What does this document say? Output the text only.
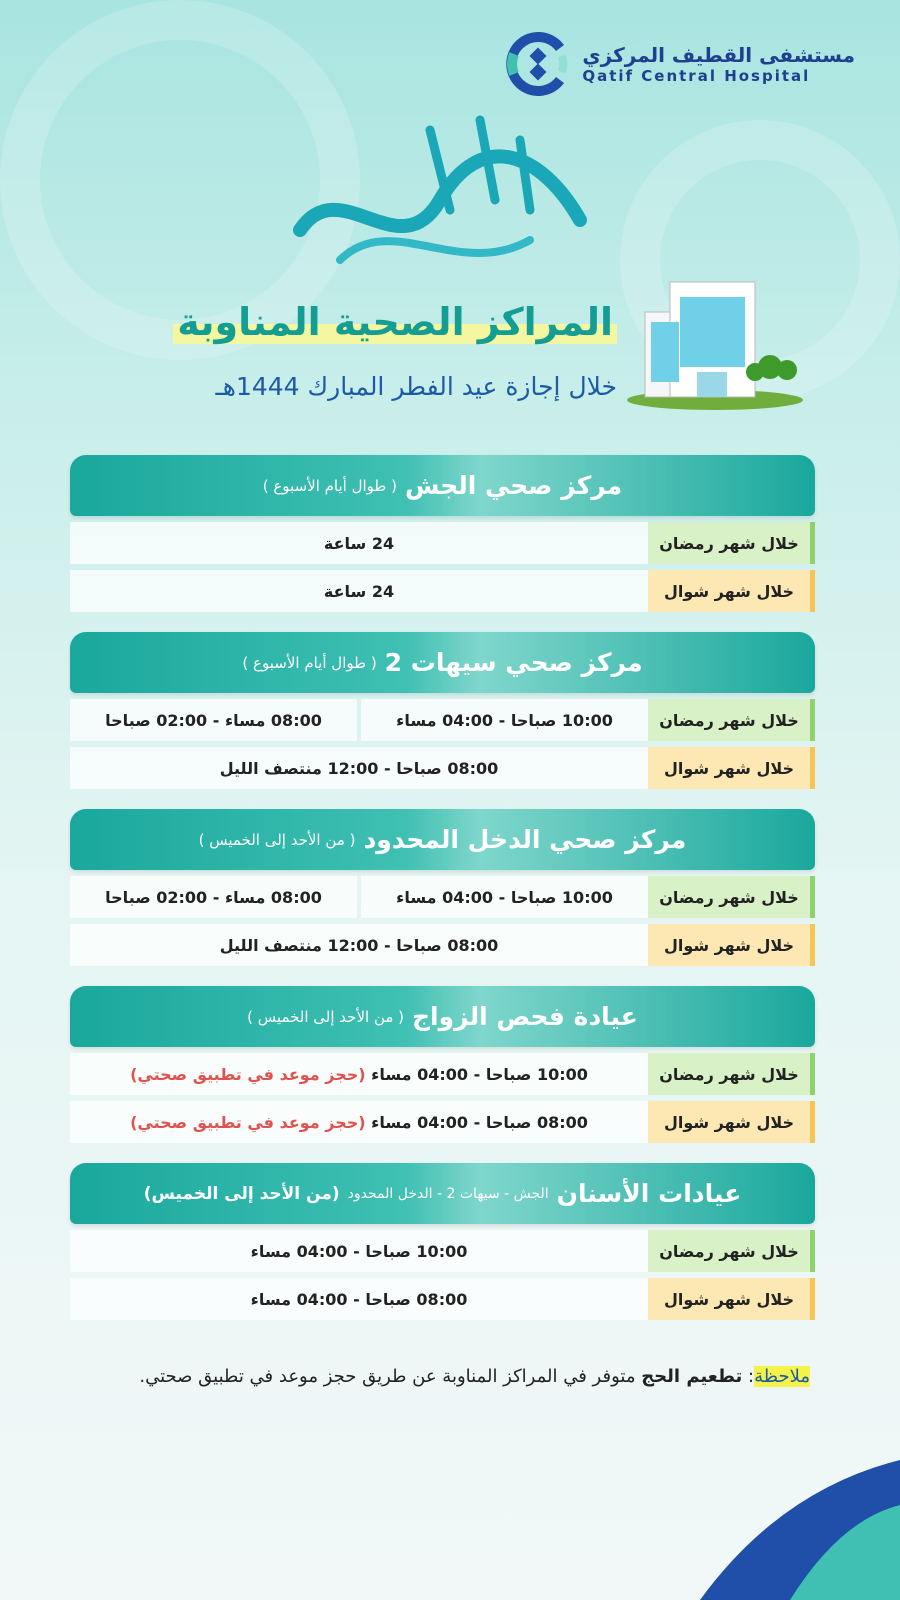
مستشفى القطيف المركزي
Qatif Central Hospital
المراكز الصحية المناوبة
خلال إجازة عيد الفطر المبارك 1444هـ
مركز صحي الجش
( طوال أيام الأسبوع )
خلال شهر رمضان
24 ساعة
خلال شهر شوال
24 ساعة
مركز صحي سيهات 2
( طوال أيام الأسبوع )
خلال شهر رمضان
10:00 صباحا - 04:00 مساء
08:00 مساء - 02:00 صباحا
خلال شهر شوال
08:00 صباحا - 12:00 منتصف الليل
مركز صحي الدخل المحدود
( من الأحد إلى الخميس )
خلال شهر رمضان
10:00 صباحا - 04:00 مساء
08:00 مساء - 02:00 صباحا
خلال شهر شوال
08:00 صباحا - 12:00 منتصف الليل
عيادة فحص الزواج
( من الأحد إلى الخميس )
خلال شهر رمضان
10:00 صباحا - 04:00 مساء

(حجز موعد في تطبيق صحتي)
خلال شهر شوال
08:00 صباحا - 04:00 مساء

(حجز موعد في تطبيق صحتي)
عيادات الأسنان
الجش - سيهات 2 - الدخل المحدود
(من الأحد إلى الخميس)
خلال شهر رمضان
10:00 صباحا - 04:00 مساء
خلال شهر شوال
08:00 صباحا - 04:00 مساء
ملاحظة: تطعيم الحج متوفر في المراكز المناوبة عن طريق حجز موعد في تطبيق صحتي.
